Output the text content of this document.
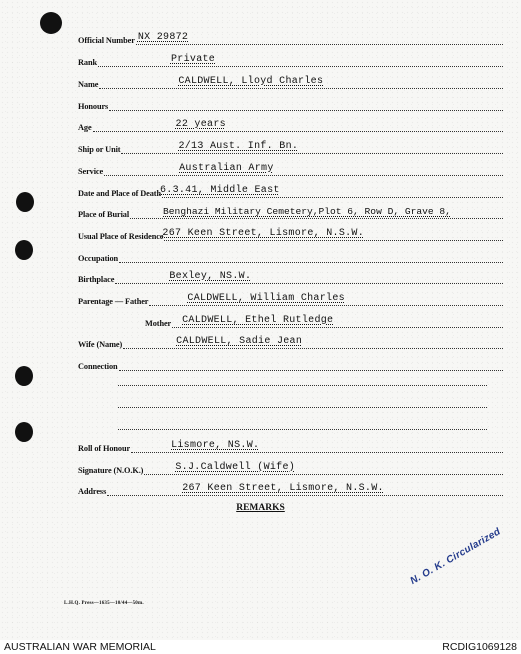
Official Number NX 29872
Rank	Private
Name	CALDWELL, Lloyd Charles
Honours
Age	22 years
Ship or Unit	2/13 Aust. Inf. Bn.
Service	Australian Army
Date and Place of Death 6.3.41, Middle East
Place of Burial	Benghazi Military Cemetery,Plot 6, Row D, Grave 8,
Usual Place of Residence 267 Keen Street, Lismore, N.S.W.
Occupation
Birthplace	Bexley, NS.W.
Parentage — Father	CALDWELL, William Charles
Mother CALDWELL, Ethel Rutledge
Wife (Name)	CALDWELL, Sadie Jean
Connection
Roll of Honour	Lismore, NS.W.
Signature (N.O.K.)	S.J.Caldwell (Wife)
Address	267 Keen Street, Lismore, N.S.W.
REMARKS
N. O. K. Circularized
L.H.Q. Press—1635—10/44—50m.
AUSTRALIAN WAR MEMORIAL	RCDIG1069128
